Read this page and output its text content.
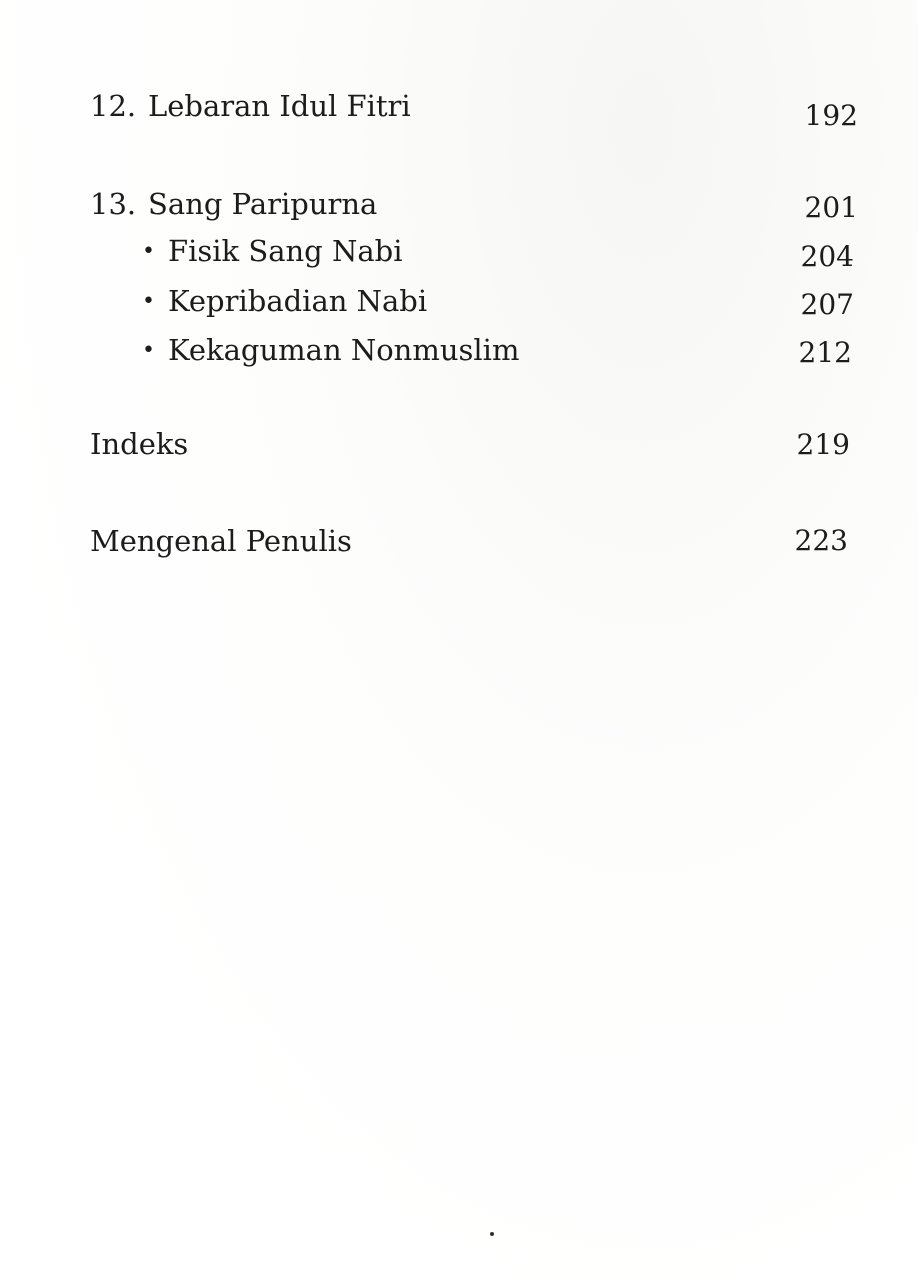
12. Lebaran Idul Fitri	192
13. Sang Paripurna	201
• Fisik Sang Nabi	204
• Kepribadian Nabi	207
• Kekaguman Nonmuslim	212
Indeks	219
Mengenal Penulis	223
